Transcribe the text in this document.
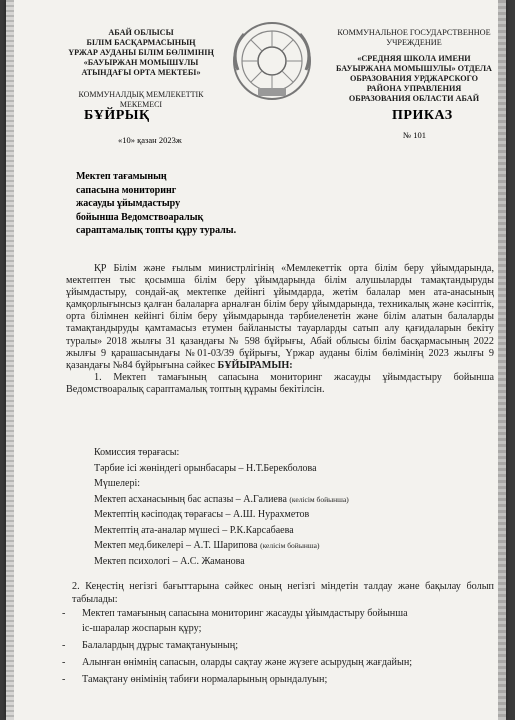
АБАЙ ОБЛЫСЫ
БІЛІМ БАСҚАРМАСЫНЫҢ
ҮРЖАР АУДАНЫ БІЛІМ БӨЛІМІНІҢ
«БАУЫРЖАН МОМЫШҰЛЫ
АТЫНДАҒЫ ОРТА МЕКТЕБІ»
КОММУНАЛДЫҚ МЕМЛЕКЕТТІК
МЕКЕМЕСІ
КОММУНАЛЬНОЕ ГОСУДАРСТВЕННОЕ
УЧРЕЖДЕНИЕ
«СРЕДНЯЯ ШКОЛА ИМЕНИ
БАУЫРЖАНА МОМЫШУЛЫ» ОТДЕЛА
ОБРАЗОВАНИЯ УРДЖАРСКОГО
РАЙОНА УПРАВЛЕНИЯ
ОБРАЗОВАНИЯ ОБЛАСТИ АБАЙ
БҰЙРЫҚ	ПРИКАЗ
«10» қазан 2023ж	№ 101
Мектеп тағамының
сапасына мониторинг
жасауды ұйымдастыру
бойынша Ведомствоаралық
сараптамалық топты құру туралы.

ҚР Білім және ғылым министрлігінің «Мемлекеттік орта білім беру ұйымдарында, мектептен тыс қосымша білім беру ұйымдарында білім алушыларды тамақтандыруды ұйымдастыру, сондай-ақ мектепке дейінгі ұйымдарда, жетім балалар мен ата-анасының қамқорлығынсыз қалған балаларға арналған білім беру ұйымдарында, техникалық және кәсіптік, орта білімнен кейінгі білім беру ұйымдарында тәрбиеленетін және білім алатын балаларды тамақтандыруды қамтамасыз етумен байланысты тауарларды сатып алу қағидаларын бекіту туралы» 2018 жылғы 31 қазандағы № 598 бұйрығы, Абай облысы білім басқармасының 2022 жылғы 9 қарашасындағы №01-03/39 бұйрығы, Үржар ауданы білім бөлімінің 2023 жылғы 9 қазандағы №84 бұйрығына сәйкес БҰЙЫРАМЫН:

1. Мектеп тамағының сапасына мониторинг жасауды ұйымдастыру бойынша Ведомствоаралық сараптамалық топтың құрамы бекітілсін.

Комиссия төрағасы:
Тәрбие ісі жөніндегі орынбасары – Н.Т.Берекболова
Мүшелері:
Мектеп асханасының бас аспазы – А.Галиева (келісім бойынша)
Мектептің кәсіподақ төрағасы – А.Ш. Нурахметов
Мектептің ата-аналар мүшесі – Р.К.Карсабаева
Мектеп мед.бикелері – А.Т. Шарипова (келісім бойынша)
Мектеп психологі – А.С. Жаманова
2. Кеңестің негізгі бағыттарына сәйкес оның негізгі міндетін талдау және бақылау болып табылады:
-	Мектеп тамағының сапасына мониторинг жасауды ұйымдастыру бойынша
іс-шаралар жоспарын құру;
-	Балалардың дұрыс тамақтануының;
-	Алынған өнімнің сапасын, оларды сақтау және жүзеге асырудың жағдайын;
-	Тамақтану өнімінің табиғи нормаларының орындалуын;
